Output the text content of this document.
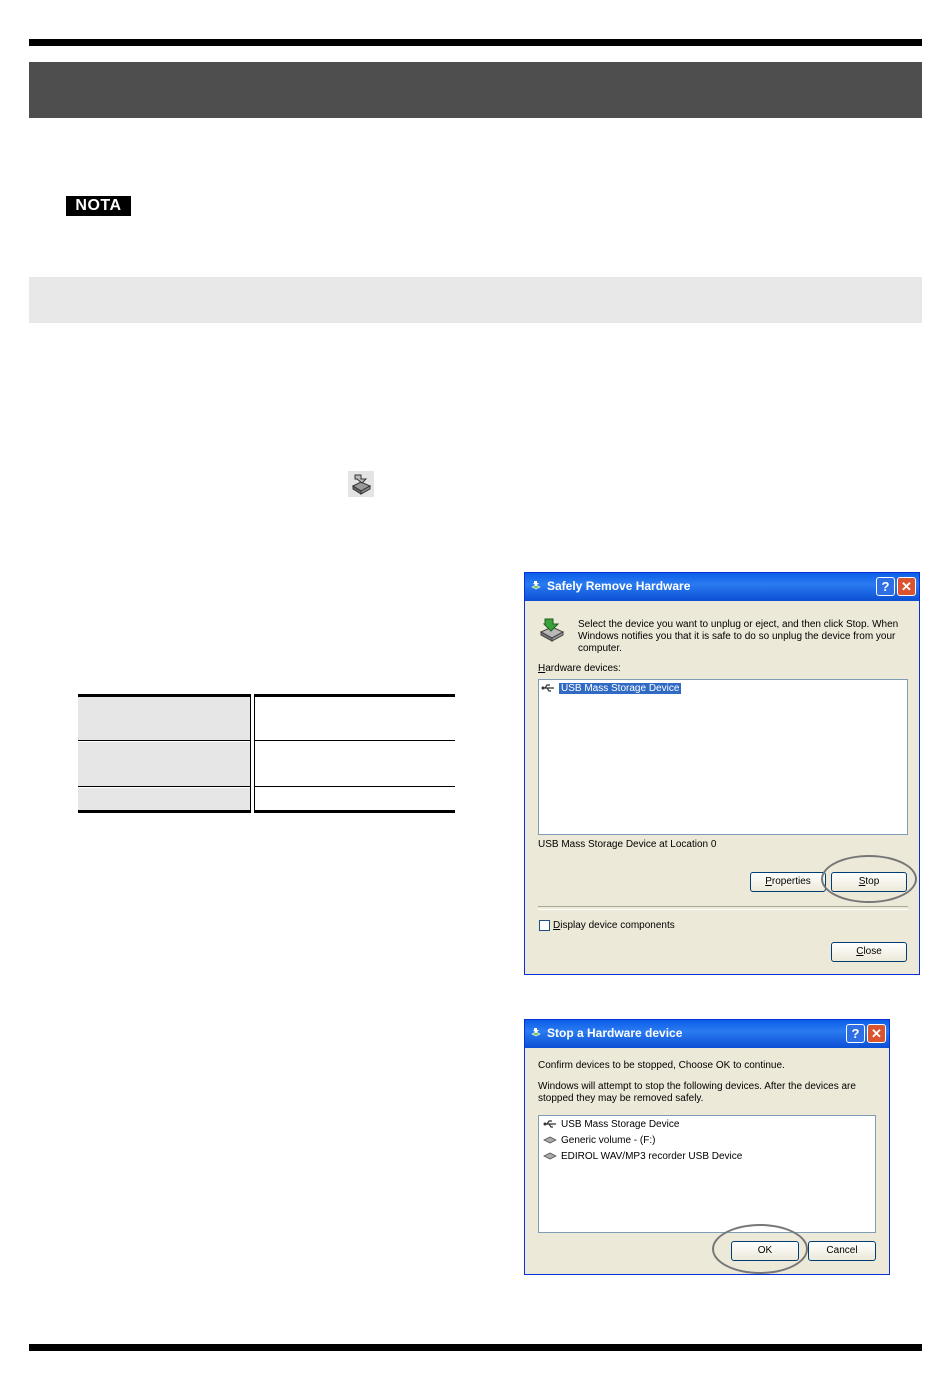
NOTA
Safely Remove Hardware	? ✕
Select the device you want to unplug or eject, and then click Stop. When Windows notifies you that it is safe to do so unplug the device from your computer.
Hardware devices:
USB Mass Storage Device
USB Mass Storage Device at Location 0
Properties	Stop
Display device components
Close
Stop a Hardware device	? ✕
Confirm devices to be stopped, Choose OK to continue.
Windows will attempt to stop the following devices. After the devices are stopped they may be removed safely.
USB Mass Storage Device
Generic volume - (F:)
EDIROL WAV/MP3 recorder USB Device
OK	Cancel
